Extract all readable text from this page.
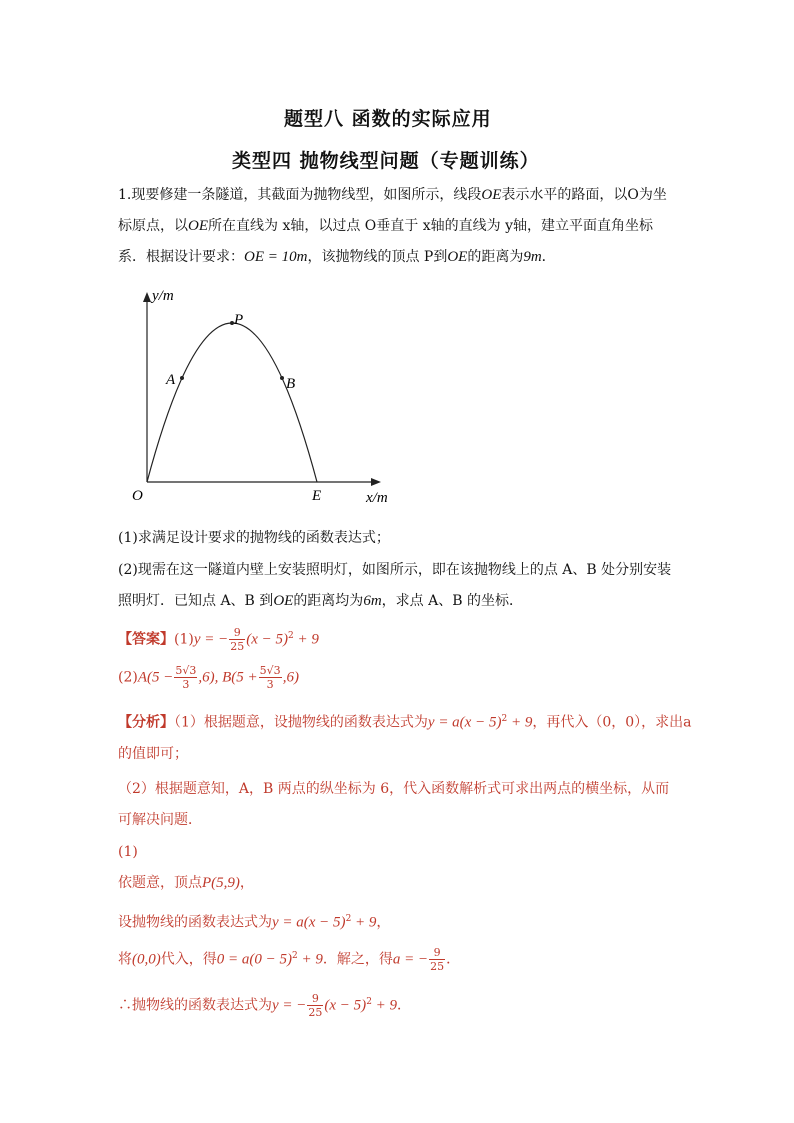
题型八 函数的实际应用
类型四 抛物线型问题（专题训练）
1.现要修建一条隧道，其截面为抛物线型，如图所示，线段OE表示水平的路面，以O为坐
标原点，以OE所在直线为 x轴，以过点 O垂直于 x轴的直线为 y轴，建立平面直角坐标
系．根据设计要求：OE = 10m，该抛物线的顶点 P到OE的距离为9m．
y/m
x/m
O	E
P
A	B
(1)求满足设计要求的抛物线的函数表达式；
(2)现需在这一隧道内壁上安装照明灯，如图所示，即在该抛物线上的点 A、B 处分别安装
照明灯．已知点 A、B 到OE的距离均为6m，求点 A、B 的坐标．
【答案】(1)y = − $\frac{9}{25} (x - 5)^2 + 9$
$(2)A(5 - \frac{5√3}{3} ,6)$, $B(5 + \frac{5√3}{3} ,6)$
【分析】（1）根据题意，设抛物线的函数表达式为$y = a(x - 5)^2 + 9$，再代入（0，0），求出a
的值即可；
（2）根据题意知，A，B 两点的纵坐标为 6，代入函数解析式可求出两点的横坐标，从而
可解决问题．
(1)
依题意，顶点P(5,9)，
设抛物线的函数表达式为$y = a(x - 5)^2 + 9$，
将(0,0)代入，得$0 = a(0 - 5)^2 + 9$．解之，得a = − $\frac{9}{25}$ ．
∴抛物线的函数表达式为y = − $\frac{9}{25} (x - 5)^2 + 9$．
